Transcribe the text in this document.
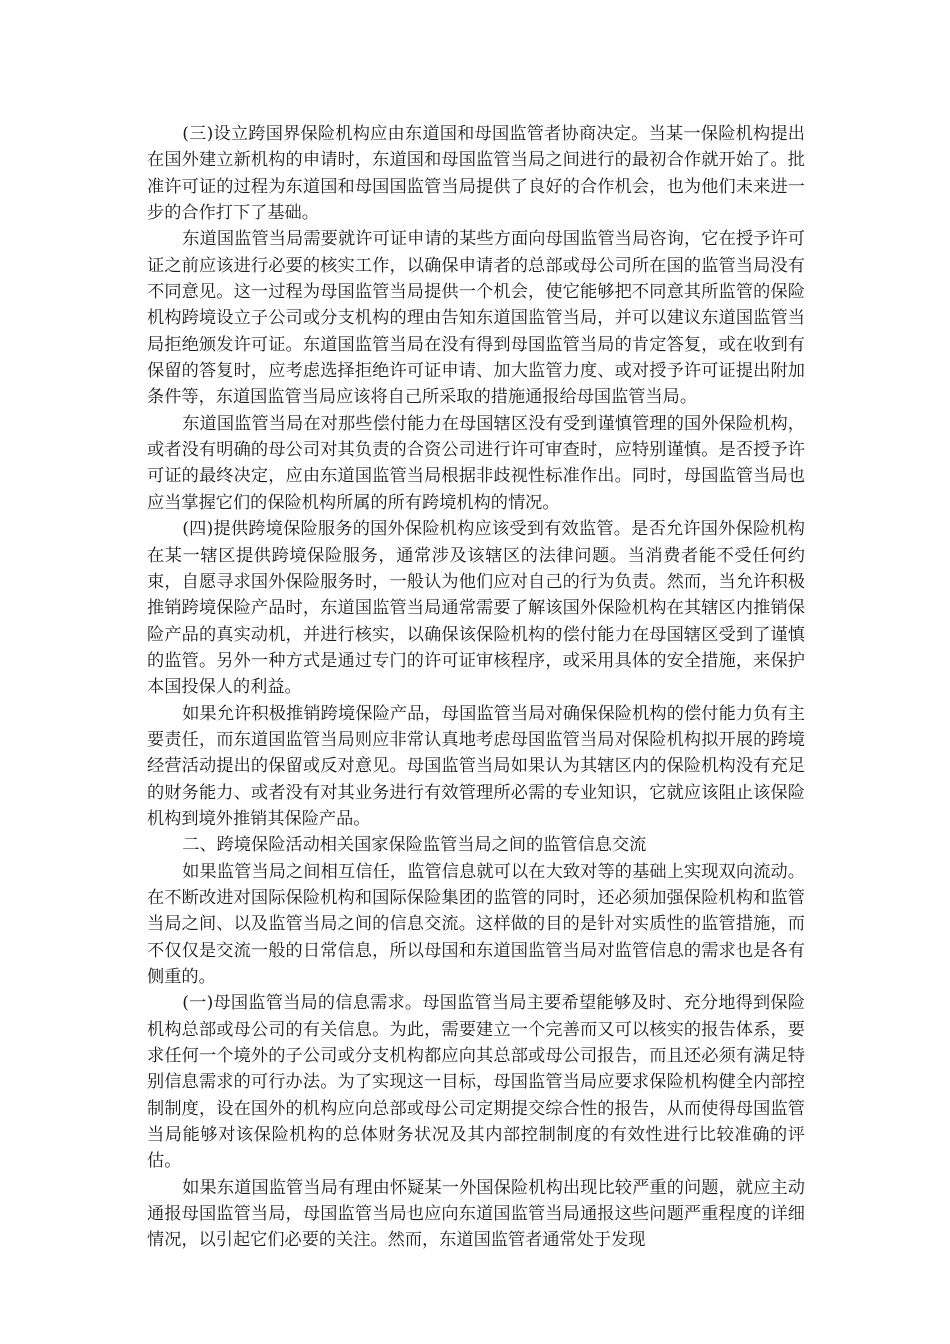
(三)设立跨国界保险机构应由东道国和母国监管者协商决定。当某一保险机构提出在国外建立新机构的申请时，东道国和母国监管当局之间进行的最初合作就开始了。批准许可证的过程为东道国和母国国监管当局提供了良好的合作机会，也为他们未来进一步的合作打下了基础。

东道国监管当局需要就许可证申请的某些方面向母国监管当局咨询，它在授予许可证之前应该进行必要的核实工作，以确保申请者的总部或母公司所在国的监管当局没有不同意见。这一过程为母国监管当局提供一个机会，使它能够把不同意其所监管的保险机构跨境设立子公司或分支机构的理由告知东道国监管当局，并可以建议东道国监管当局拒绝颁发许可证。东道国监管当局在没有得到母国监管当局的肯定答复，或在收到有保留的答复时，应考虑选择拒绝许可证申请、加大监管力度、或对授予许可证提出附加条件等，东道国监管当局应该将自己所采取的措施通报给母国监管当局。

东道国监管当局在对那些偿付能力在母国辖区没有受到谨慎管理的国外保险机构，或者没有明确的母公司对其负责的合资公司进行许可审查时，应特别谨慎。是否授予许可证的最终决定，应由东道国监管当局根据非歧视性标准作出。同时，母国监管当局也应当掌握它们的保险机构所属的所有跨境机构的情况。

(四)提供跨境保险服务的国外保险机构应该受到有效监管。是否允许国外保险机构在某一辖区提供跨境保险服务，通常涉及该辖区的法律问题。当消费者能不受任何约束，自愿寻求国外保险服务时，一般认为他们应对自己的行为负责。然而，当允许积极推销跨境保险产品时，东道国监管当局通常需要了解该国外保险机构在其辖区内推销保险产品的真实动机，并进行核实，以确保该保险机构的偿付能力在母国辖区受到了谨慎的监管。另外一种方式是通过专门的许可证审核程序，或采用具体的安全措施，来保护本国投保人的利益。

如果允许积极推销跨境保险产品，母国监管当局对确保保险机构的偿付能力负有主要责任，而东道国监管当局则应非常认真地考虑母国监管当局对保险机构拟开展的跨境经营活动提出的保留或反对意见。母国监管当局如果认为其辖区内的保险机构没有充足的财务能力、或者没有对其业务进行有效管理所必需的专业知识，它就应该阻止该保险机构到境外推销其保险产品。

二、跨境保险活动相关国家保险监管当局之间的监管信息交流

如果监管当局之间相互信任，监管信息就可以在大致对等的基础上实现双向流动。在不断改进对国际保险机构和国际保险集团的监管的同时，还必须加强保险机构和监管当局之间、以及监管当局之间的信息交流。这样做的目的是针对实质性的监管措施，而不仅仅是交流一般的日常信息，所以母国和东道国监管当局对监管信息的需求也是各有侧重的。

(一)母国监管当局的信息需求。母国监管当局主要希望能够及时、充分地得到保险机构总部或母公司的有关信息。为此，需要建立一个完善而又可以核实的报告体系，要求任何一个境外的子公司或分支机构都应向其总部或母公司报告，而且还必须有满足特别信息需求的可行办法。为了实现这一目标，母国监管当局应要求保险机构健全内部控制制度，设在国外的机构应向总部或母公司定期提交综合性的报告，从而使得母国监管当局能够对该保险机构的总体财务状况及其内部控制制度的有效性进行比较准确的评估。

如果东道国监管当局有理由怀疑某一外国保险机构出现比较严重的问题，就应主动通报母国监管当局，母国监管当局也应向东道国监管当局通报这些问题严重程度的详细情况，以引起它们必要的关注。然而，东道国监管者通常处于发现
